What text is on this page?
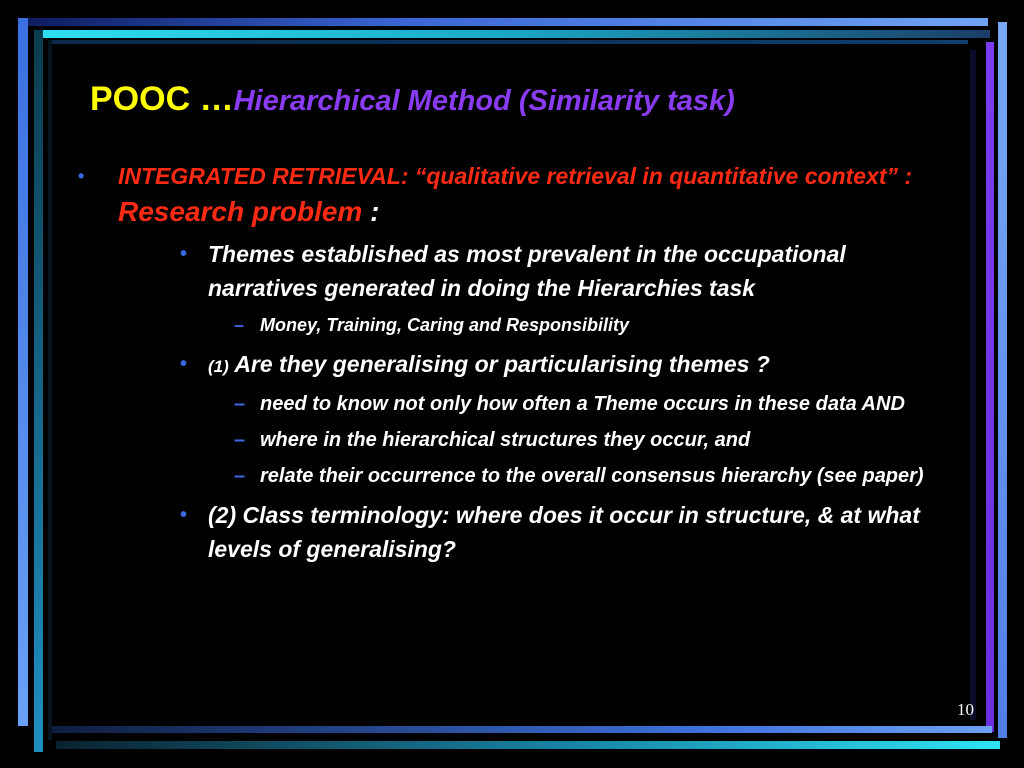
POOC …Hierarchical Method (Similarity task)
• INTEGRATED RETRIEVAL: “qualitative retrieval in quantitative context” : Research problem :
• Themes established as most prevalent in the occupational narratives generated in doing the Hierarchies task
– Money, Training, Caring and Responsibility
• (1) Are they generalising or particularising themes ?
– need to know not only how often a Theme occurs in these data AND
– where in the hierarchical structures they occur, and
– relate their occurrence to the overall consensus hierarchy (see paper)
• (2) Class terminology: where does it occur in structure, & at what levels of generalising?
10
